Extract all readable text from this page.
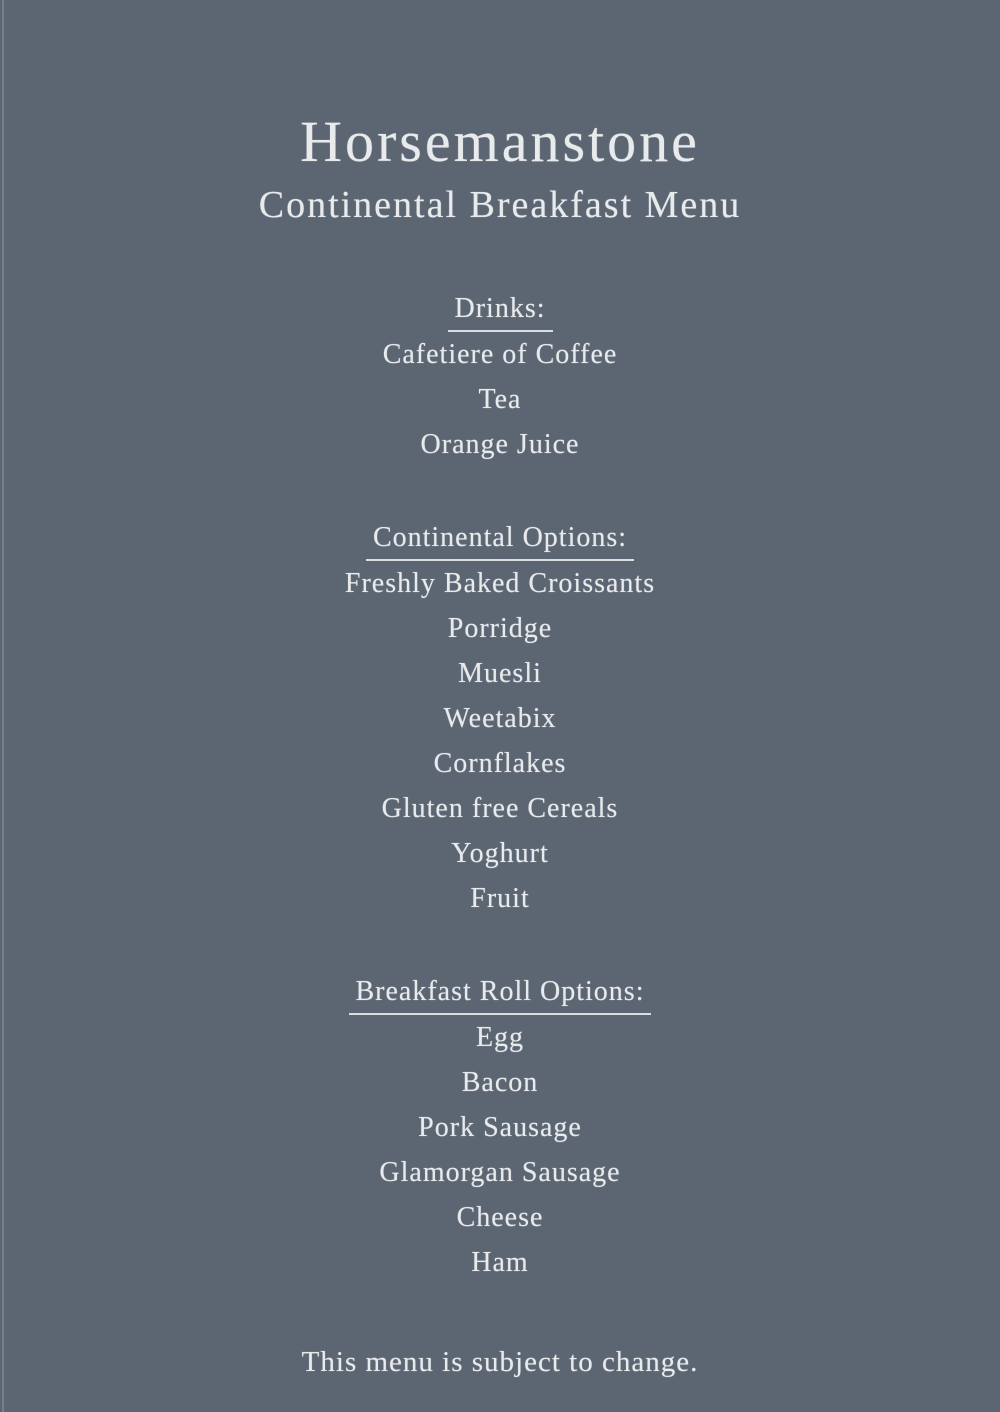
Horsemanstone
Continental Breakfast Menu
Drinks:
Cafetiere of Coffee
Tea
Orange Juice
Continental Options:
Freshly Baked Croissants
Porridge
Muesli
Weetabix
Cornflakes
Gluten free Cereals
Yoghurt
Fruit
Breakfast Roll Options:
Egg
Bacon
Pork Sausage
Glamorgan Sausage
Cheese
Ham
This menu is subject to change.
